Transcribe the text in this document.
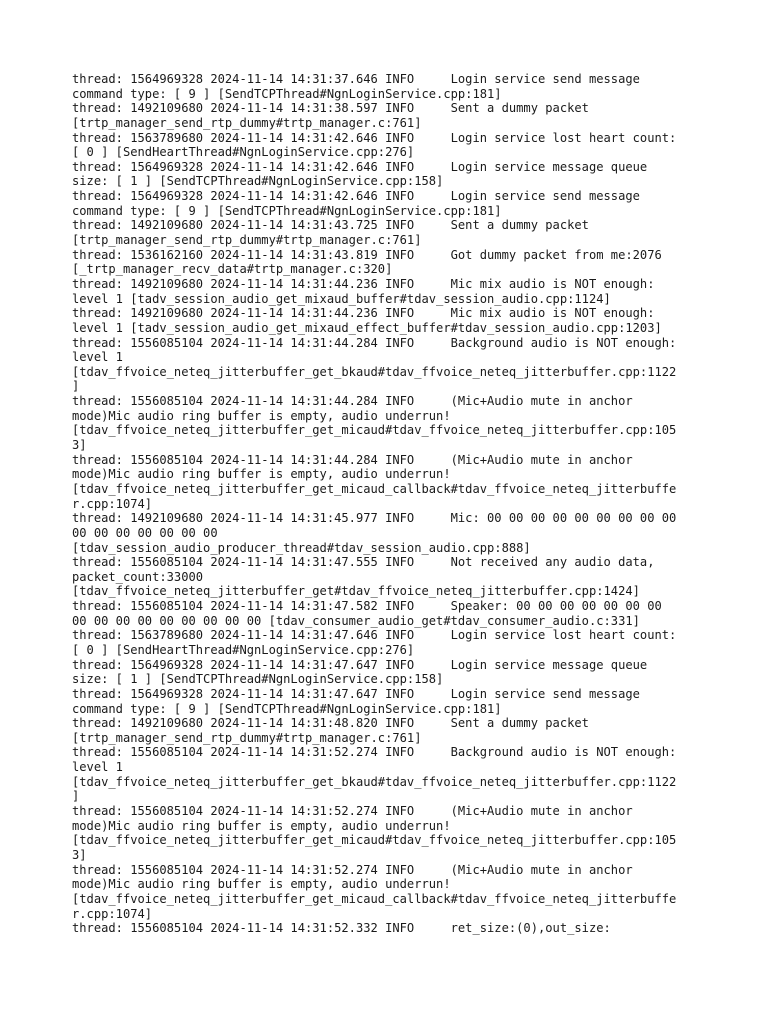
thread: 1564969328 2024-11-14 14:31:37.646 INFO     Login service send message

command type: [ 9 ] [SendTCPThread#NgnLoginService.cpp:181]

thread: 1492109680 2024-11-14 14:31:38.597 INFO     Sent a dummy packet

[trtp_manager_send_rtp_dummy#trtp_manager.c:761]

thread: 1563789680 2024-11-14 14:31:42.646 INFO     Login service lost heart count:

[ 0 ] [SendHeartThread#NgnLoginService.cpp:276]

thread: 1564969328 2024-11-14 14:31:42.646 INFO     Login service message queue

size: [ 1 ] [SendTCPThread#NgnLoginService.cpp:158]

thread: 1564969328 2024-11-14 14:31:42.646 INFO     Login service send message

command type: [ 9 ] [SendTCPThread#NgnLoginService.cpp:181]

thread: 1492109680 2024-11-14 14:31:43.725 INFO     Sent a dummy packet

[trtp_manager_send_rtp_dummy#trtp_manager.c:761]

thread: 1536162160 2024-11-14 14:31:43.819 INFO     Got dummy packet from me:2076

[_trtp_manager_recv_data#trtp_manager.c:320]

thread: 1492109680 2024-11-14 14:31:44.236 INFO     Mic mix audio is NOT enough:

level 1 [tadv_session_audio_get_mixaud_buffer#tdav_session_audio.cpp:1124]

thread: 1492109680 2024-11-14 14:31:44.236 INFO     Mic mix audio is NOT enough:

level 1 [tadv_session_audio_get_mixaud_effect_buffer#tdav_session_audio.cpp:1203]

thread: 1556085104 2024-11-14 14:31:44.284 INFO     Background audio is NOT enough:

level 1

[tdav_ffvoice_neteq_jitterbuffer_get_bkaud#tdav_ffvoice_neteq_jitterbuffer.cpp:1122

]

thread: 1556085104 2024-11-14 14:31:44.284 INFO     (Mic+Audio mute in anchor

mode)Mic audio ring buffer is empty, audio underrun!

[tdav_ffvoice_neteq_jitterbuffer_get_micaud#tdav_ffvoice_neteq_jitterbuffer.cpp:105

3]

thread: 1556085104 2024-11-14 14:31:44.284 INFO     (Mic+Audio mute in anchor

mode)Mic audio ring buffer is empty, audio underrun!

[tdav_ffvoice_neteq_jitterbuffer_get_micaud_callback#tdav_ffvoice_neteq_jitterbuffe

r.cpp:1074]

thread: 1492109680 2024-11-14 14:31:45.977 INFO     Mic: 00 00 00 00 00 00 00 00 00

00 00 00 00 00 00 00

[tdav_session_audio_producer_thread#tdav_session_audio.cpp:888]

thread: 1556085104 2024-11-14 14:31:47.555 INFO     Not received any audio data,

packet_count:33000

[tdav_ffvoice_neteq_jitterbuffer_get#tdav_ffvoice_neteq_jitterbuffer.cpp:1424]

thread: 1556085104 2024-11-14 14:31:47.582 INFO     Speaker: 00 00 00 00 00 00 00

00 00 00 00 00 00 00 00 00 [tdav_consumer_audio_get#tdav_consumer_audio.c:331]

thread: 1563789680 2024-11-14 14:31:47.646 INFO     Login service lost heart count:

[ 0 ] [SendHeartThread#NgnLoginService.cpp:276]

thread: 1564969328 2024-11-14 14:31:47.647 INFO     Login service message queue

size: [ 1 ] [SendTCPThread#NgnLoginService.cpp:158]

thread: 1564969328 2024-11-14 14:31:47.647 INFO     Login service send message

command type: [ 9 ] [SendTCPThread#NgnLoginService.cpp:181]

thread: 1492109680 2024-11-14 14:31:48.820 INFO     Sent a dummy packet

[trtp_manager_send_rtp_dummy#trtp_manager.c:761]

thread: 1556085104 2024-11-14 14:31:52.274 INFO     Background audio is NOT enough:

level 1

[tdav_ffvoice_neteq_jitterbuffer_get_bkaud#tdav_ffvoice_neteq_jitterbuffer.cpp:1122

]

thread: 1556085104 2024-11-14 14:31:52.274 INFO     (Mic+Audio mute in anchor

mode)Mic audio ring buffer is empty, audio underrun!

[tdav_ffvoice_neteq_jitterbuffer_get_micaud#tdav_ffvoice_neteq_jitterbuffer.cpp:105

3]

thread: 1556085104 2024-11-14 14:31:52.274 INFO     (Mic+Audio mute in anchor

mode)Mic audio ring buffer is empty, audio underrun!

[tdav_ffvoice_neteq_jitterbuffer_get_micaud_callback#tdav_ffvoice_neteq_jitterbuffe

r.cpp:1074]

thread: 1556085104 2024-11-14 14:31:52.332 INFO     ret_size:(0),out_size:
